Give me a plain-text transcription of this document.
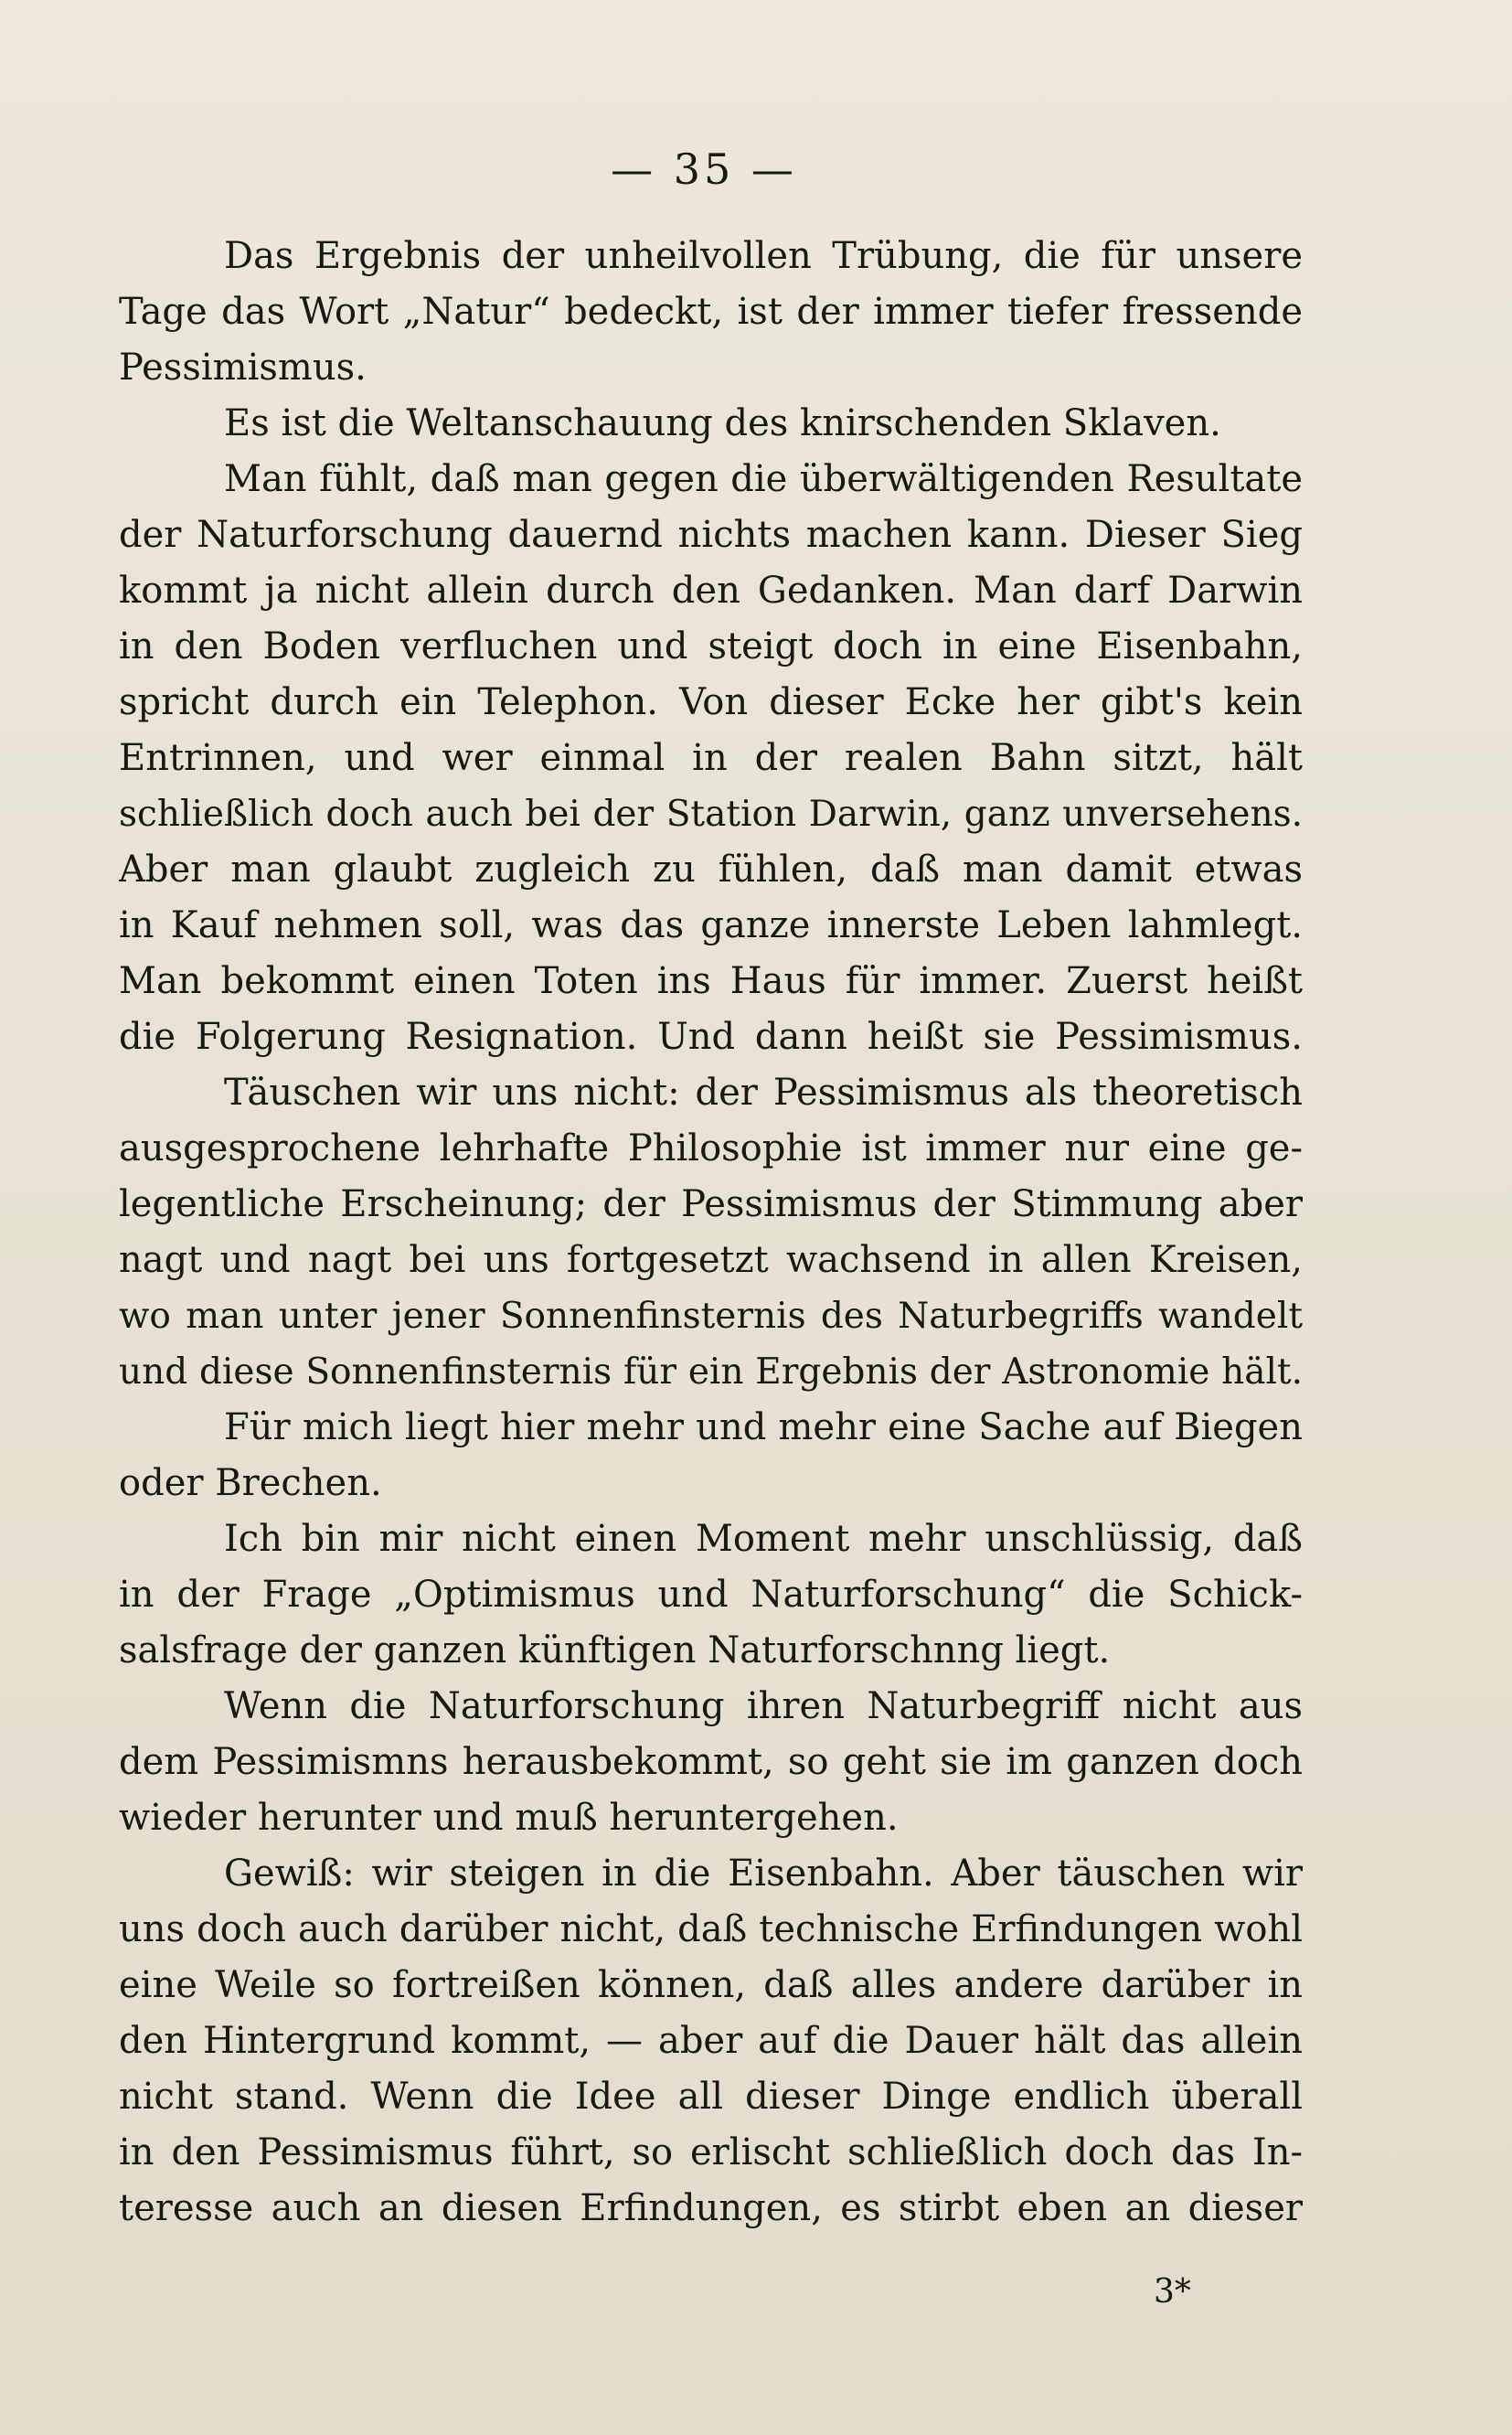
— 35 —
Das Ergebnis der unheilvollen Trübung, die für unsere
Tage das Wort „Natur“ bedeckt, ist der immer tiefer fressende
Pessimismus.
Es ist die Weltanschauung des knirschenden Sklaven.
Man fühlt, daß man gegen die überwältigenden Resultate
der Naturforschung dauernd nichts machen kann. Dieser Sieg
kommt ja nicht allein durch den Gedanken. Man darf Darwin
in den Boden verfluchen und steigt doch in eine Eisenbahn,
spricht durch ein Telephon. Von dieser Ecke her gibt's kein
Entrinnen, und wer einmal in der realen Bahn sitzt, hält
schließlich doch auch bei der Station Darwin, ganz unversehens.
Aber man glaubt zugleich zu fühlen, daß man damit etwas
in Kauf nehmen soll, was das ganze innerste Leben lahmlegt.
Man bekommt einen Toten ins Haus für immer. Zuerst heißt
die Folgerung Resignation. Und dann heißt sie Pessimismus.
Täuschen wir uns nicht: der Pessimismus als theoretisch
ausgesprochene lehrhafte Philosophie ist immer nur eine ge-
legentliche Erscheinung; der Pessimismus der Stimmung aber
nagt und nagt bei uns fortgesetzt wachsend in allen Kreisen,
wo man unter jener Sonnenfinsternis des Naturbegriffs wandelt
und diese Sonnenfinsternis für ein Ergebnis der Astronomie hält.
Für mich liegt hier mehr und mehr eine Sache auf Biegen
oder Brechen.
Ich bin mir nicht einen Moment mehr unschlüssig, daß
in der Frage „Optimismus und Naturforschung“ die Schick-
salsfrage der ganzen künftigen Naturforschnng liegt.
Wenn die Naturforschung ihren Naturbegriff nicht aus
dem Pessimismns herausbekommt, so geht sie im ganzen doch
wieder herunter und muß heruntergehen.
Gewiß: wir steigen in die Eisenbahn. Aber täuschen wir
uns doch auch darüber nicht, daß technische Erfindungen wohl
eine Weile so fortreißen können, daß alles andere darüber in
den Hintergrund kommt, — aber auf die Dauer hält das allein
nicht stand. Wenn die Idee all dieser Dinge endlich überall
in den Pessimismus führt, so erlischt schließlich doch das In-
teresse auch an diesen Erfindungen, es stirbt eben an dieser
3*
